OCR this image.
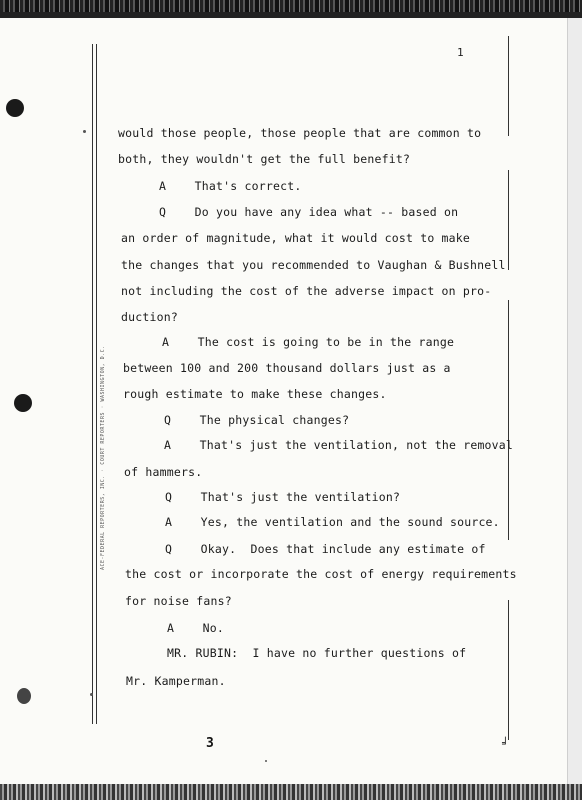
ACE-FEDERAL REPORTERS, INC. · COURT REPORTERS · WASHINGTON, D.C.
1
would those people, those people that are common to
both, they wouldn't get the full benefit?
A    That's correct.
Q    Do you have any idea what -- based on
an order of magnitude, what it would cost to make
the changes that you recommended to Vaughan & Bushnell
not including the cost of the adverse impact on pro-
duction?
A    The cost is going to be in the range
between 100 and 200 thousand dollars just as a
rough estimate to make these changes.
Q    The physical changes?
A    That's just the ventilation, not the removal
of hammers.
Q    That's just the ventilation?
A    Yes, the ventilation and the sound source.
Q    Okay.  Does that include any estimate of
the cost or incorporate the cost of energy requirements
for noise fans?
A    No.
MR. RUBIN:  I have no further questions of
Mr. Kamperman.
3	╛
